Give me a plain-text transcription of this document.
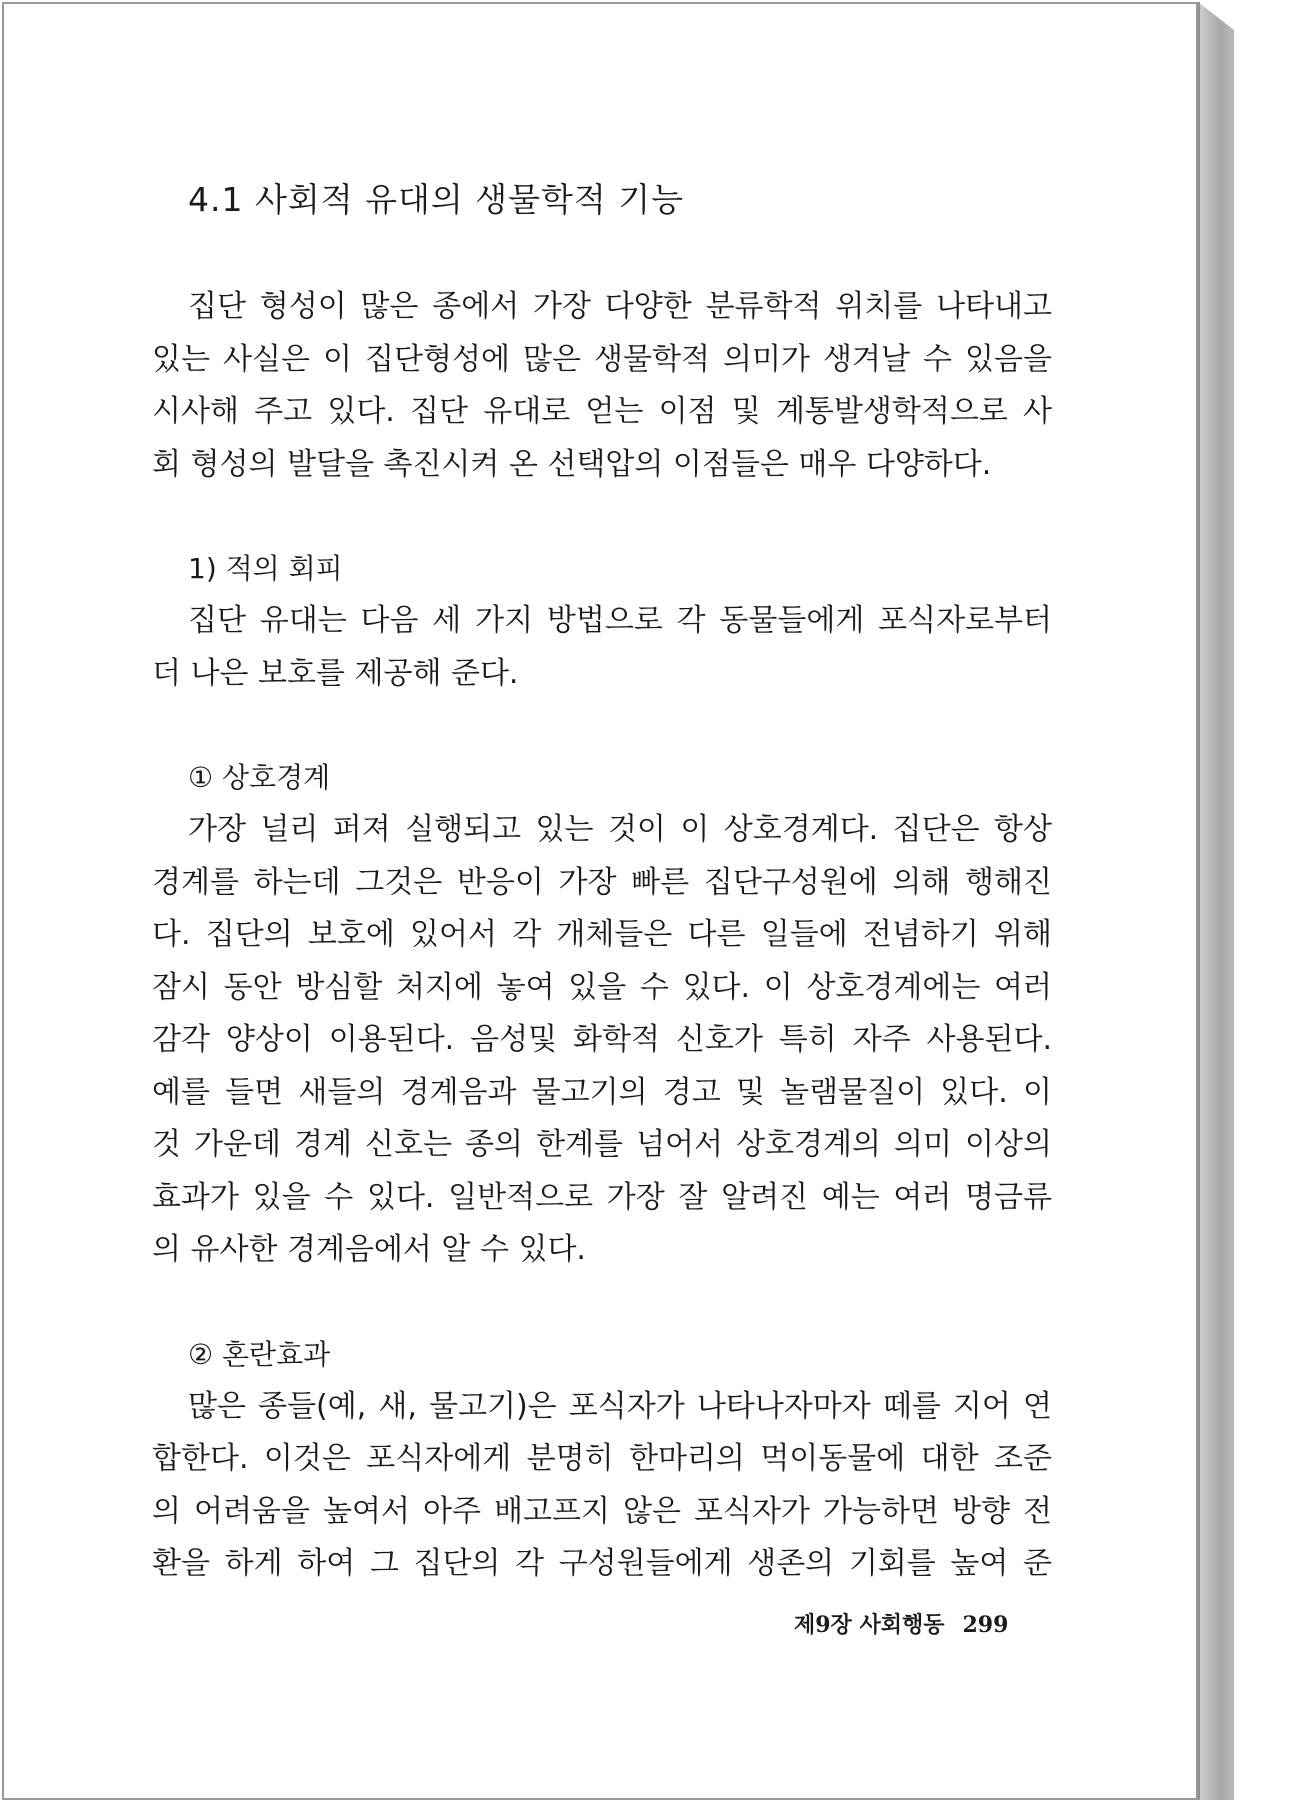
4.1 사회적 유대의 생물학적 기능
집단 형성이 많은 종에서 가장 다양한 분류학적 위치를 나타내고
있는 사실은 이 집단형성에 많은 생물학적 의미가 생겨날 수 있음을
시사해 주고 있다. 집단 유대로 얻는 이점 및 계통발생학적으로 사
회 형성의 발달을 촉진시켜 온 선택압의 이점들은 매우 다양하다.
1) 적의 회피
집단 유대는 다음 세 가지 방법으로 각 동물들에게 포식자로부터
더 나은 보호를 제공해 준다.
① 상호경계
가장 널리 퍼져 실행되고 있는 것이 이 상호경계다. 집단은 항상
경계를 하는데 그것은 반응이 가장 빠른 집단구성원에 의해 행해진
다. 집단의 보호에 있어서 각 개체들은 다른 일들에 전념하기 위해
잠시 동안 방심할 처지에 놓여 있을 수 있다. 이 상호경계에는 여러
감각 양상이 이용된다. 음성및 화학적 신호가 특히 자주 사용된다.
예를 들면 새들의 경계음과 물고기의 경고 및 놀램물질이 있다. 이
것 가운데 경계 신호는 종의 한계를 넘어서 상호경계의 의미 이상의
효과가 있을 수 있다. 일반적으로 가장 잘 알려진 예는 여러 명금류
의 유사한 경계음에서 알 수 있다.
② 혼란효과
많은 종들(예, 새, 물고기)은 포식자가 나타나자마자 떼를 지어 연
합한다. 이것은 포식자에게 분명히 한마리의 먹이동물에 대한 조준
의 어려움을 높여서 아주 배고프지 않은 포식자가 가능하면 방향 전
환을 하게 하여 그 집단의 각 구성원들에게 생존의 기회를 높여 준
제9장 사회행동 299
